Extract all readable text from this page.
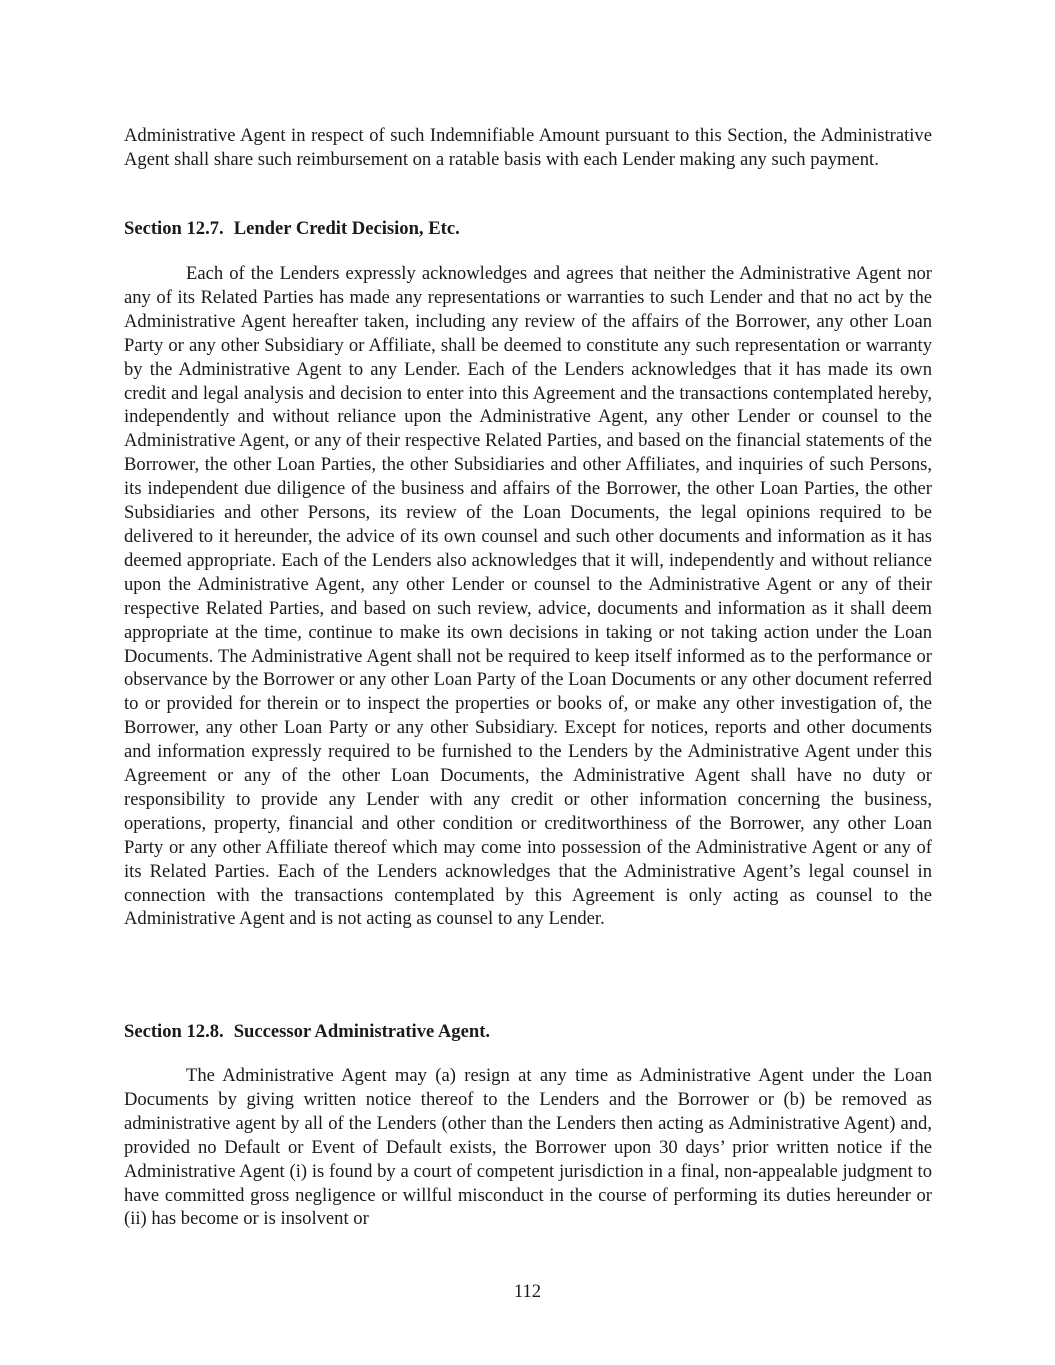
Administrative Agent in respect of such Indemnifiable Amount pursuant to this Section, the Administrative Agent shall share such reimbursement on a ratable basis with each Lender making any such payment.

Section 12.7. Lender Credit Decision, Etc.

Each of the Lenders expressly acknowledges and agrees that neither the Administrative Agent nor any of its Related Parties has made any representations or warranties to such Lender and that no act by the Administrative Agent hereafter taken, including any review of the affairs of the Borrower, any other Loan Party or any other Subsidiary or Affiliate, shall be deemed to constitute any such representation or warranty by the Administrative Agent to any Lender. Each of the Lenders acknowledges that it has made its own credit and legal analysis and decision to enter into this Agreement and the transactions contemplated hereby, independently and without reliance upon the Administrative Agent, any other Lender or counsel to the Administrative Agent, or any of their respective Related Parties, and based on the financial statements of the Borrower, the other Loan Parties, the other Subsidiaries and other Affiliates, and inquiries of such Persons, its independent due diligence of the business and affairs of the Borrower, the other Loan Parties, the other Subsidiaries and other Persons, its review of the Loan Documents, the legal opinions required to be delivered to it hereunder, the advice of its own counsel and such other documents and information as it has deemed appropriate. Each of the Lenders also acknowledges that it will, independently and without reliance upon the Administrative Agent, any other Lender or counsel to the Administrative Agent or any of their respective Related Parties, and based on such review, advice, documents and information as it shall deem appropriate at the time, continue to make its own decisions in taking or not taking action under the Loan Documents. The Administrative Agent shall not be required to keep itself informed as to the performance or observance by the Borrower or any other Loan Party of the Loan Documents or any other document referred to or provided for therein or to inspect the properties or books of, or make any other investigation of, the Borrower, any other Loan Party or any other Subsidiary. Except for notices, reports and other documents and information expressly required to be furnished to the Lenders by the Administrative Agent under this Agreement or any of the other Loan Documents, the Administrative Agent shall have no duty or responsibility to provide any Lender with any credit or other information concerning the business, operations, property, financial and other condition or creditworthiness of the Borrower, any other Loan Party or any other Affiliate thereof which may come into possession of the Administrative Agent or any of its Related Parties. Each of the Lenders acknowledges that the Administrative Agent’s legal counsel in connection with the transactions contemplated by this Agreement is only acting as counsel to the Administrative Agent and is not acting as counsel to any Lender.

Section 12.8. Successor Administrative Agent.

The Administrative Agent may (a) resign at any time as Administrative Agent under the Loan Documents by giving written notice thereof to the Lenders and the Borrower or (b) be removed as administrative agent by all of the Lenders (other than the Lenders then acting as Administrative Agent) and, provided no Default or Event of Default exists, the Borrower upon 30 days’ prior written notice if the Administrative Agent (i) is found by a court of competent jurisdiction in a final, non-appealable judgment to have committed gross negligence or willful misconduct in the course of performing its duties hereunder or (ii) has become or is insolvent or

112
